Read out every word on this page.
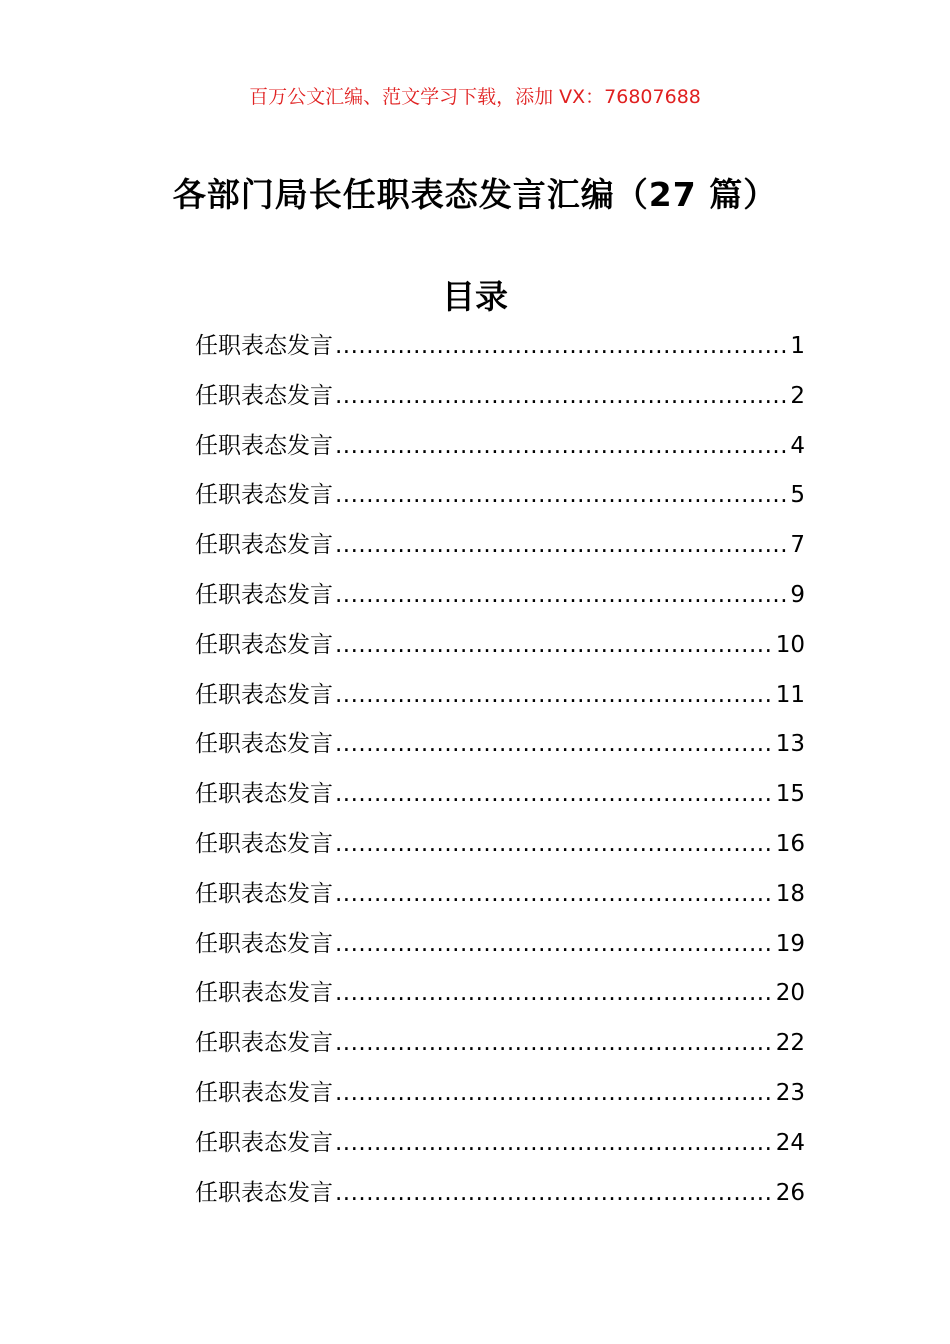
百万公文汇编、范文学习下载，添加 VX：76807688
各部门局长任职表态发言汇编（27 篇）
目录
任职表态发言 .....	1
任职表态发言 .....	2
任职表态发言 .....	4
任职表态发言 .....	5
任职表态发言 .....	7
任职表态发言 .....	9
任职表态发言 .....	10
任职表态发言 .....	11
任职表态发言 .....	13
任职表态发言 .....	15
任职表态发言 .....	16
任职表态发言 .....	18
任职表态发言 .....	19
任职表态发言 .....	20
任职表态发言 .....	22
任职表态发言 .....	23
任职表态发言 .....	24
任职表态发言 .....	26
